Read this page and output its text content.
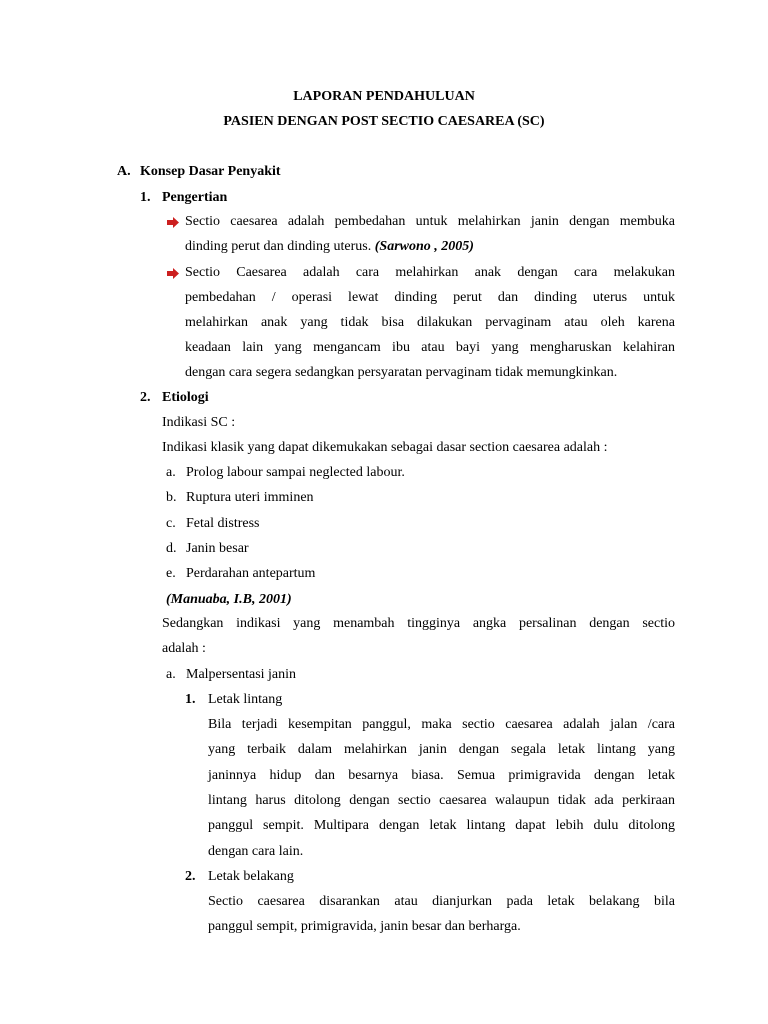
LAPORAN PENDAHULUAN
PASIEN DENGAN POST SECTIO CAESAREA (SC)
A. Konsep Dasar Penyakit
1. Pengertian
Sectio caesarea adalah pembedahan untuk melahirkan janin dengan membuka
dinding perut dan dinding uterus. (Sarwono , 2005)
Sectio Caesarea adalah cara melahirkan anak dengan cara melakukan
pembedahan / operasi lewat dinding perut dan dinding uterus untuk
melahirkan anak yang tidak bisa dilakukan pervaginam atau oleh karena
keadaan lain yang mengancam ibu atau bayi yang mengharuskan kelahiran
dengan cara segera sedangkan persyaratan pervaginam tidak memungkinkan.
2. Etiologi
Indikasi SC :
Indikasi klasik yang dapat dikemukakan sebagai dasar section caesarea adalah :
a. Prolog labour sampai neglected labour.
b. Ruptura uteri imminen
c. Fetal distress
d. Janin besar
e. Perdarahan antepartum
(Manuaba, I.B, 2001)
Sedangkan indikasi yang menambah tingginya angka persalinan dengan sectio
adalah :
a. Malpersentasi janin
1. Letak lintang
Bila terjadi kesempitan panggul, maka sectio caesarea adalah jalan /cara
yang terbaik dalam melahirkan janin dengan segala letak lintang yang
janinnya hidup dan besarnya biasa. Semua primigravida dengan letak
lintang harus ditolong dengan sectio caesarea walaupun tidak ada perkiraan
panggul sempit. Multipara dengan letak lintang dapat lebih dulu ditolong
dengan cara lain.
2. Letak belakang
Sectio caesarea disarankan atau dianjurkan pada letak belakang bila
panggul sempit, primigravida, janin besar dan berharga.
